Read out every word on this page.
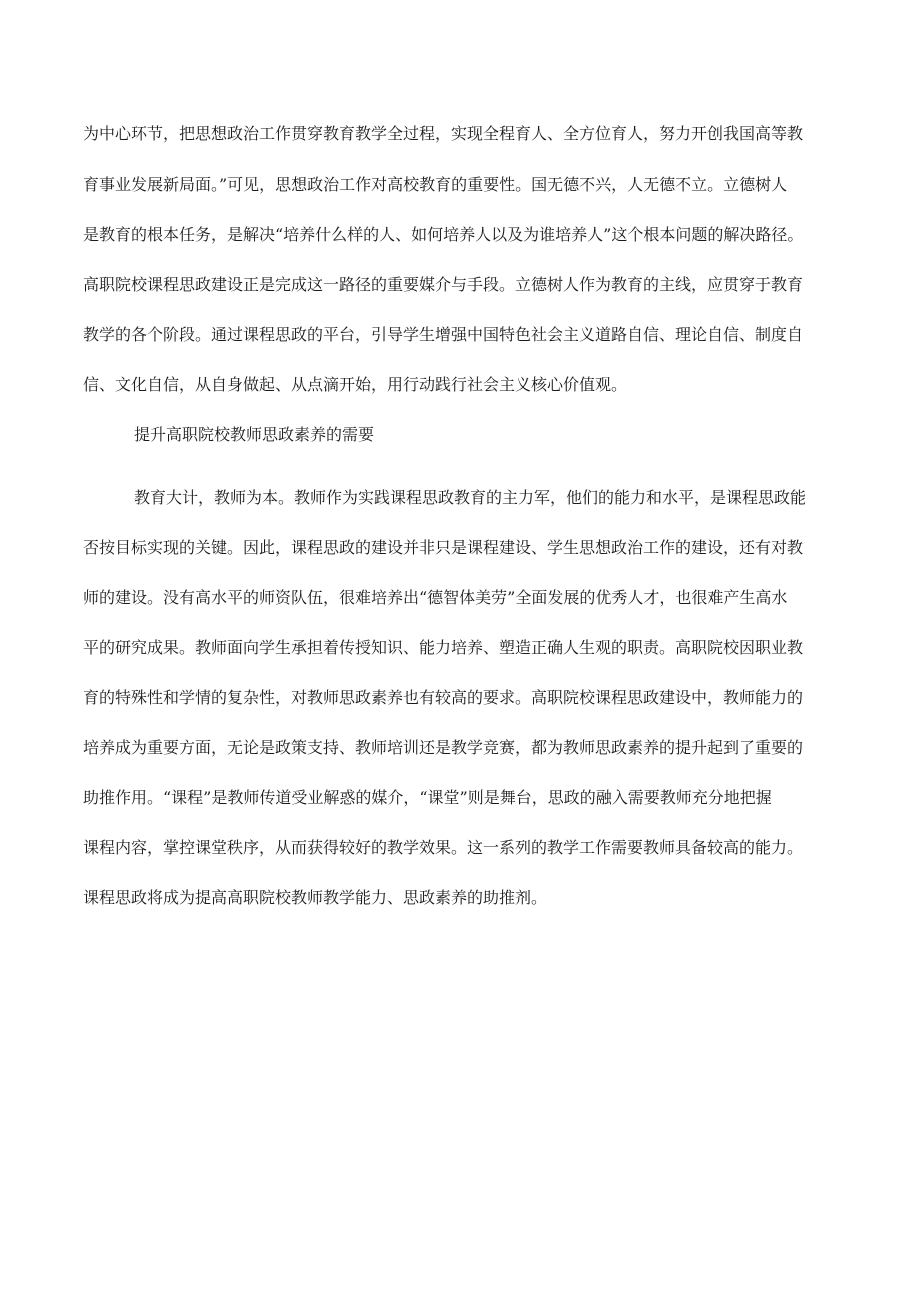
为中心环节，把思想政治工作贯穿教育教学全过程，实现全程育人、全方位育人，努力开创我国高等教
育事业发展新局面。”可见，思想政治工作对高校教育的重要性。国无德不兴，人无德不立。立德树人
是教育的根本任务，是解决“培养什么样的人、如何培养人以及为谁培养人”这个根本问题的解决路径。
高职院校课程思政建设正是完成这一路径的重要媒介与手段。立德树人作为教育的主线，应贯穿于教育
教学的各个阶段。通过课程思政的平台，引导学生增强中国特色社会主义道路自信、理论自信、制度自
信、文化自信，从自身做起、从点滴开始，用行动践行社会主义核心价值观。
提升高职院校教师思政素养的需要
教育大计，教师为本。教师作为实践课程思政教育的主力军，他们的能力和水平，是课程思政能
否按目标实现的关键。因此，课程思政的建设并非只是课程建设、学生思想政治工作的建设，还有对教
师的建设。没有高水平的师资队伍，很难培养出“德智体美劳”全面发展的优秀人才，也很难产生高水
平的研究成果。教师面向学生承担着传授知识、能力培养、塑造正确人生观的职责。高职院校因职业教
育的特殊性和学情的复杂性，对教师思政素养也有较高的要求。高职院校课程思政建设中，教师能力的
培养成为重要方面，无论是政策支持、教师培训还是教学竞赛，都为教师思政素养的提升起到了重要的
助推作用。“课程”是教师传道受业解惑的媒介，“课堂”则是舞台，思政的融入需要教师充分地把握
课程内容，掌控课堂秩序，从而获得较好的教学效果。这一系列的教学工作需要教师具备较高的能力。
课程思政将成为提高高职院校教师教学能力、思政素养的助推剂。
